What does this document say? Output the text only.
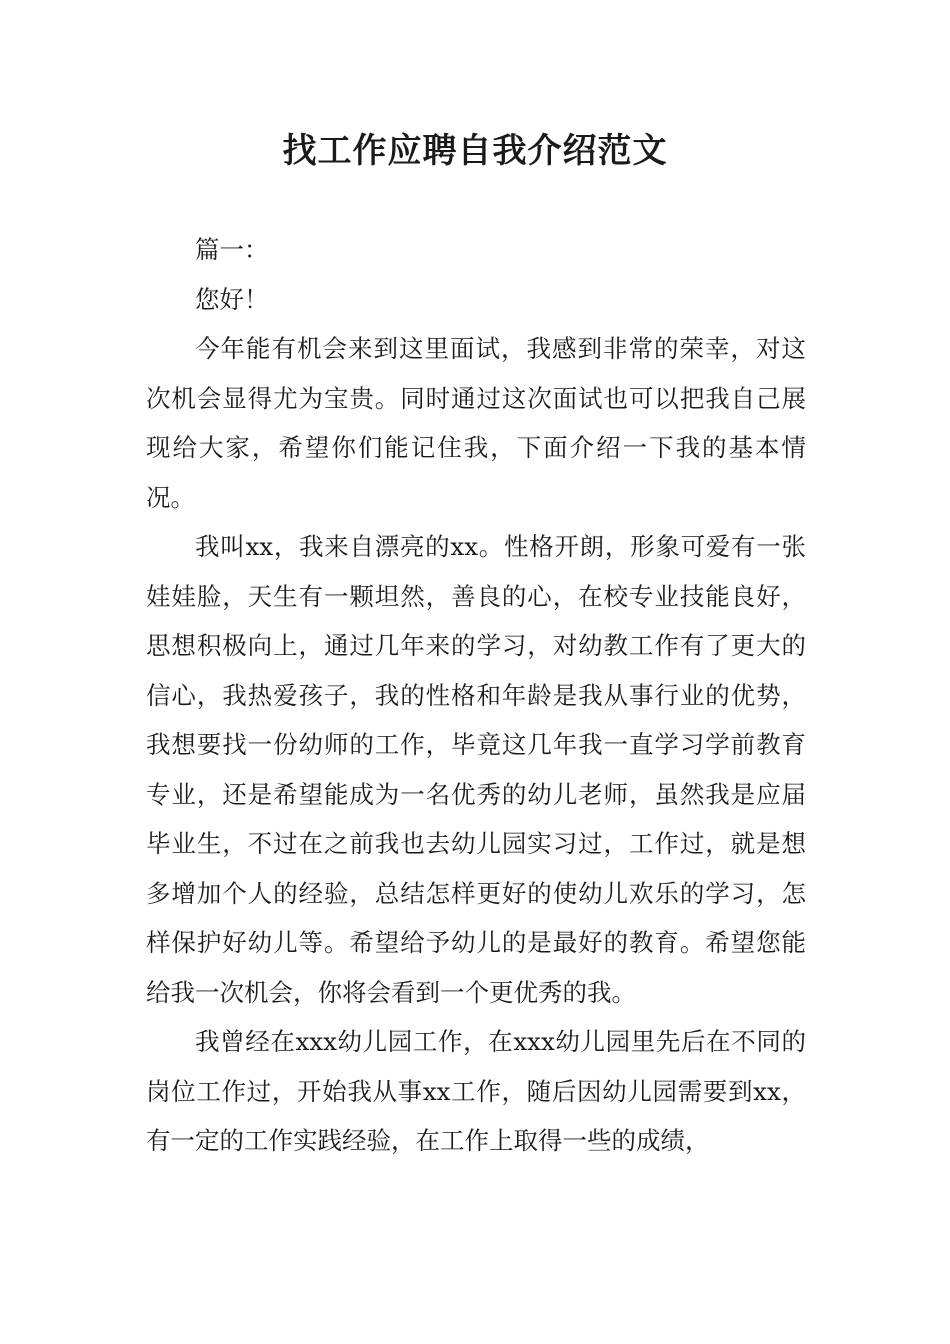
找工作应聘自我介绍范文

篇一：

您好！

今年能有机会来到这里面试，我感到非常的荣幸，对这次机会显得尤为宝贵。同时通过这次面试也可以把我自己展现给大家，希望你们能记住我，下面介绍一下我的基本情况。

我叫xx，我来自漂亮的xx。性格开朗，形象可爱有一张娃娃脸，天生有一颗坦然，善良的心，在校专业技能良好，思想积极向上，通过几年来的学习，对幼教工作有了更大的信心，我热爱孩子，我的性格和年龄是我从事行业的优势，我想要找一份幼师的工作，毕竟这几年我一直学习学前教育专业，还是希望能成为一名优秀的幼儿老师，虽然我是应届毕业生，不过在之前我也去幼儿园实习过，工作过，就是想多增加个人的经验，总结怎样更好的使幼儿欢乐的学习，怎样保护好幼儿等。希望给予幼儿的是最好的教育。希望您能给我一次机会，你将会看到一个更优秀的我。

我曾经在xxx幼儿园工作，在xxx幼儿园里先后在不同的岗位工作过，开始我从事xx工作，随后因幼儿园需要到xx，有一定的工作实践经验，在工作上取得一些的成绩，
